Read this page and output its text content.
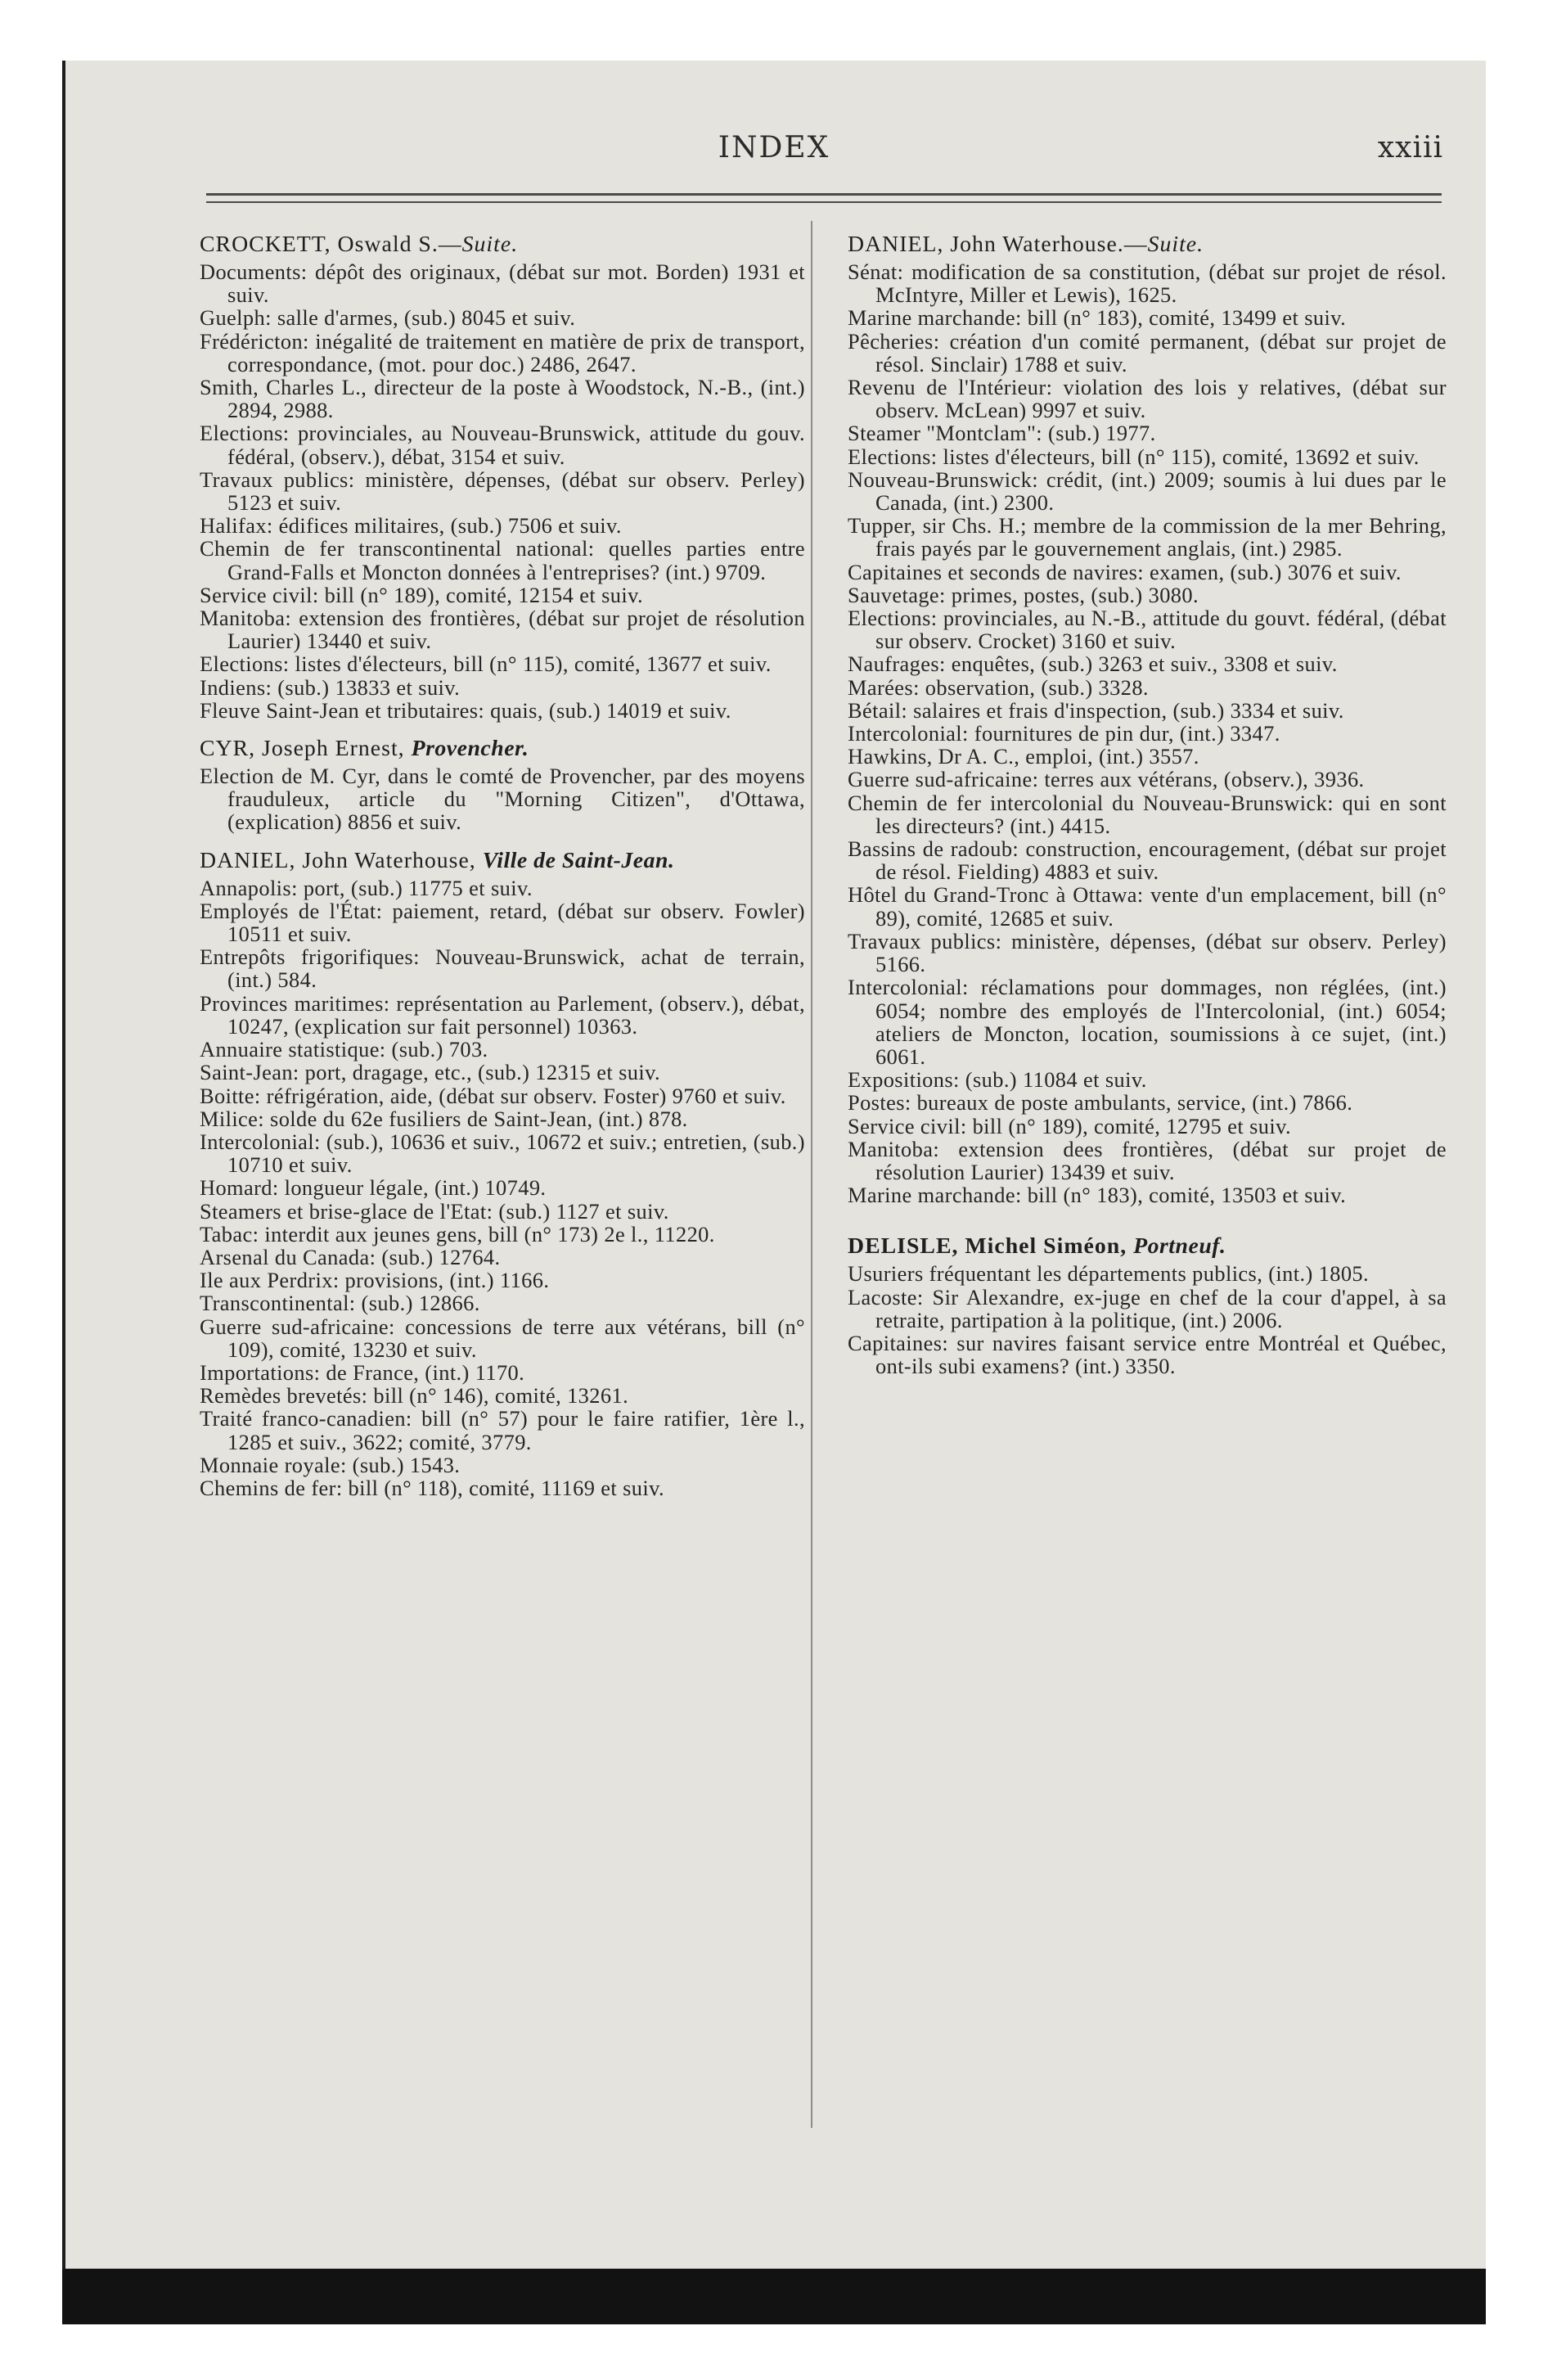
INDEX	xxiii
CROCKETT, Oswald S.—Suite.

Documents: dépôt des originaux, (débat sur mot. Borden) 1931 et suiv.

Guelph: salle d'armes, (sub.) 8045 et suiv.

Frédéricton: inégalité de traitement en matière de prix de transport, correspondance, (mot. pour doc.) 2486, 2647.

Smith, Charles L., directeur de la poste à Woodstock, N.-B., (int.) 2894, 2988.

Elections: provinciales, au Nouveau-Brunswick, attitude du gouv. fédéral, (observ.), débat, 3154 et suiv.

Travaux publics: ministère, dépenses, (débat sur observ. Perley) 5123 et suiv.

Halifax: édifices militaires, (sub.) 7506 et suiv.

Chemin de fer transcontinental national: quelles parties entre Grand-Falls et Moncton données à l'entreprises? (int.) 9709.

Service civil: bill (n° 189), comité, 12154 et suiv.

Manitoba: extension des frontières, (débat sur projet de résolution Laurier) 13440 et suiv.

Elections: listes d'électeurs, bill (n° 115), comité, 13677 et suiv.

Indiens: (sub.) 13833 et suiv.

Fleuve Saint-Jean et tributaires: quais, (sub.) 14019 et suiv.

CYR, Joseph Ernest, Provencher.

Election de M. Cyr, dans le comté de Provencher, par des moyens frauduleux, article du "Morning Citizen", d'Ottawa, (explication) 8856 et suiv.

DANIEL, John Waterhouse, Ville de Saint-Jean.

Annapolis: port, (sub.) 11775 et suiv.

Employés de l'État: paiement, retard, (débat sur observ. Fowler) 10511 et suiv.

Entrepôts frigorifiques: Nouveau-Brunswick, achat de terrain, (int.) 584.

Provinces maritimes: représentation au Parlement, (observ.), débat, 10247, (explication sur fait personnel) 10363.

Annuaire statistique: (sub.) 703.

Saint-Jean: port, dragage, etc., (sub.) 12315 et suiv.

Boitte: réfrigération, aide, (débat sur observ. Foster) 9760 et suiv.

Milice: solde du 62e fusiliers de Saint-Jean, (int.) 878.

Intercolonial: (sub.), 10636 et suiv., 10672 et suiv.; entretien, (sub.) 10710 et suiv.

Homard: longueur légale, (int.) 10749.

Steamers et brise-glace de l'Etat: (sub.) 1127 et suiv.

Tabac: interdit aux jeunes gens, bill (n° 173) 2e l., 11220.

Arsenal du Canada: (sub.) 12764.

Ile aux Perdrix: provisions, (int.) 1166.

Transcontinental: (sub.) 12866.

Guerre sud-africaine: concessions de terre aux vétérans, bill (n° 109), comité, 13230 et suiv.

Importations: de France, (int.) 1170.

Remèdes brevetés: bill (n° 146), comité, 13261.

Traité franco-canadien: bill (n° 57) pour le faire ratifier, 1ère l., 1285 et suiv., 3622; comité, 3779.

Monnaie royale: (sub.) 1543.

Chemins de fer: bill (n° 118), comité, 11169 et suiv.

DANIEL, John Waterhouse.—Suite.

Sénat: modification de sa constitution, (débat sur projet de résol. McIntyre, Miller et Lewis), 1625.

Marine marchande: bill (n° 183), comité, 13499 et suiv.

Pêcheries: création d'un comité permanent, (débat sur projet de résol. Sinclair) 1788 et suiv.

Revenu de l'Intérieur: violation des lois y relatives, (débat sur observ. McLean) 9997 et suiv.

Steamer "Montclam": (sub.) 1977.

Elections: listes d'électeurs, bill (n° 115), comité, 13692 et suiv.

Nouveau-Brunswick: crédit, (int.) 2009; soumis à lui dues par le Canada, (int.) 2300.

Tupper, sir Chs. H.; membre de la commission de la mer Behring, frais payés par le gouvernement anglais, (int.) 2985.

Capitaines et seconds de navires: examen, (sub.) 3076 et suiv.

Sauvetage: primes, postes, (sub.) 3080.

Elections: provinciales, au N.-B., attitude du gouvt. fédéral, (débat sur observ. Crocket) 3160 et suiv.

Naufrages: enquêtes, (sub.) 3263 et suiv., 3308 et suiv.

Marées: observation, (sub.) 3328.

Bétail: salaires et frais d'inspection, (sub.) 3334 et suiv.

Intercolonial: fournitures de pin dur, (int.) 3347.

Hawkins, Dr A. C., emploi, (int.) 3557.

Guerre sud-africaine: terres aux vétérans, (observ.), 3936.

Chemin de fer intercolonial du Nouveau-Brunswick: qui en sont les directeurs? (int.) 4415.

Bassins de radoub: construction, encouragement, (débat sur projet de résol. Fielding) 4883 et suiv.

Hôtel du Grand-Tronc à Ottawa: vente d'un emplacement, bill (n° 89), comité, 12685 et suiv.

Travaux publics: ministère, dépenses, (débat sur observ. Perley) 5166.

Intercolonial: réclamations pour dommages, non réglées, (int.) 6054; nombre des employés de l'Intercolonial, (int.) 6054; ateliers de Moncton, location, soumissions à ce sujet, (int.) 6061.

Expositions: (sub.) 11084 et suiv.

Postes: bureaux de poste ambulants, service, (int.) 7866.

Service civil: bill (n° 189), comité, 12795 et suiv.

Manitoba: extension dees frontières, (débat sur projet de résolution Laurier) 13439 et suiv.

Marine marchande: bill (n° 183), comité, 13503 et suiv.

DELISLE, Michel Siméon, Portneuf.

Usuriers fréquentant les départements publics, (int.) 1805.

Lacoste: Sir Alexandre, ex-juge en chef de la cour d'appel, à sa retraite, partipation à la politique, (int.) 2006.

Capitaines: sur navires faisant service entre Montréal et Québec, ont-ils subi examens? (int.) 3350.
